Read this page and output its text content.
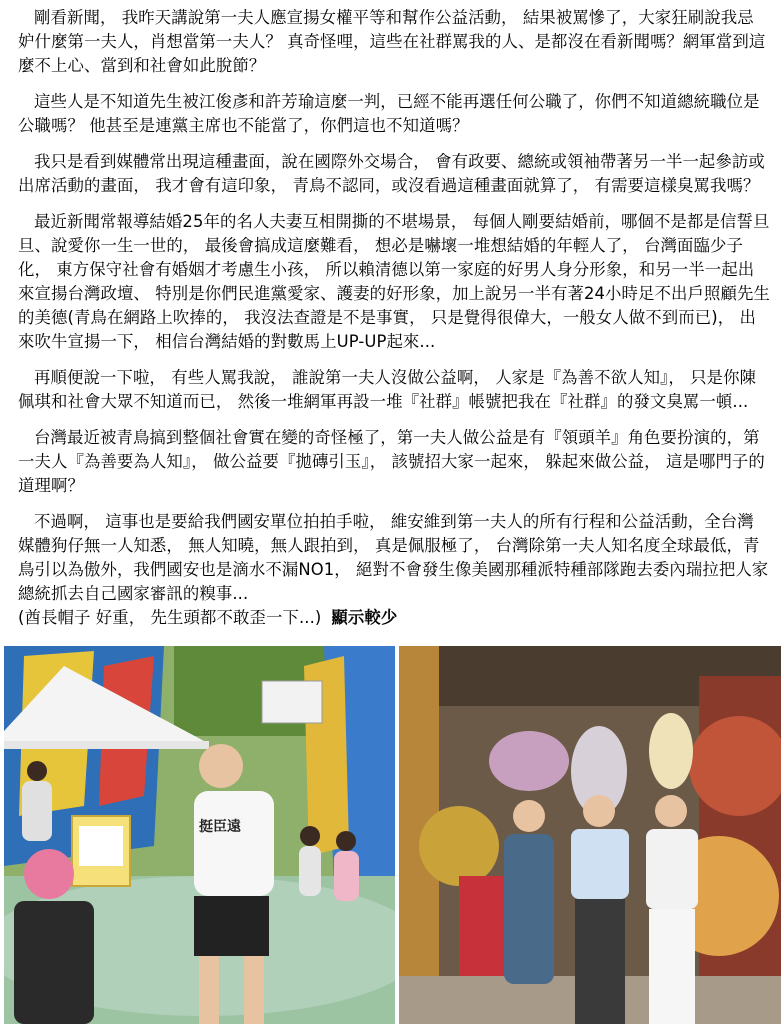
剛看新聞， 我昨天講說第一夫人應宣揚女權平等和幫作公益活動， 結果被罵慘了，大家狂刷說我忌妒什麼第一夫人，肖想當第一夫人？ 真奇怪哩，這些在社群罵我的人、是都沒在看新聞嗎？網軍當到這麼不上心、當到和社會如此脫節？

這些人是不知道先生被江俊彥和許芳瑜這麼一判，已經不能再選任何公職了，你們不知道總統職位是公職嗎？ 他甚至是連黨主席也不能當了，你們這也不知道嗎？

我只是看到媒體常出現這種畫面，說在國際外交場合， 會有政要、總統或領袖帶著另一半一起參訪或出席活動的畫面， 我才會有這印象， 青鳥不認同，或沒看過這種畫面就算了， 有需要這樣臭罵我嗎？

最近新聞常報導結婚25年的名人夫妻互相開撕的不堪場景， 每個人剛要結婚前，哪個不是都是信誓旦旦、說愛你一生一世的， 最後會搞成這麼難看， 想必是嚇壞一堆想結婚的年輕人了， 台灣面臨少子化， 東方保守社會有婚姻才考慮生小孩， 所以賴清德以第一家庭的好男人身分形象，和另一半一起出來宣揚台灣政壇、 特別是你們民進黨愛家、護妻的好形象，加上說另一半有著24小時足不出戶照顧先生的美德(青鳥在網路上吹捧的， 我沒法查證是不是事實， 只是覺得很偉大，一般女人做不到而已)， 出來吹牛宣揚一下， 相信台灣結婚的對數馬上UP-UP起來...

再順便說一下啦， 有些人罵我說， 誰說第一夫人沒做公益啊， 人家是『為善不欲人知』， 只是你陳佩琪和社會大眾不知道而已， 然後一堆網軍再設一堆『社群』帳號把我在『社群』的發文臭罵一頓...

台灣最近被青鳥搞到整個社會實在變的奇怪極了，第一夫人做公益是有『領頭羊』角色要扮演的，第一夫人『為善要為人知』， 做公益要『拋磚引玉』， 該號招大家一起來， 躲起來做公益， 這是哪門子的道理啊？

不過啊， 這事也是要給我們國安單位拍拍手啦， 維安維到第一夫人的所有行程和公益活動，全台灣媒體狗仔無一人知悉， 無人知曉，無人跟拍到， 真是佩服極了， 台灣除第一夫人知名度全球最低，青鳥引以為傲外，我們國安也是滴水不漏NO1， 絕對不會發生像美國那種派特種部隊跑去委內瑞拉把人家總統抓去自己國家審訊的糗事...

(酋長帽子 好重， 先生頭都不敢歪一下...) 顯示較少

挺臣遠
